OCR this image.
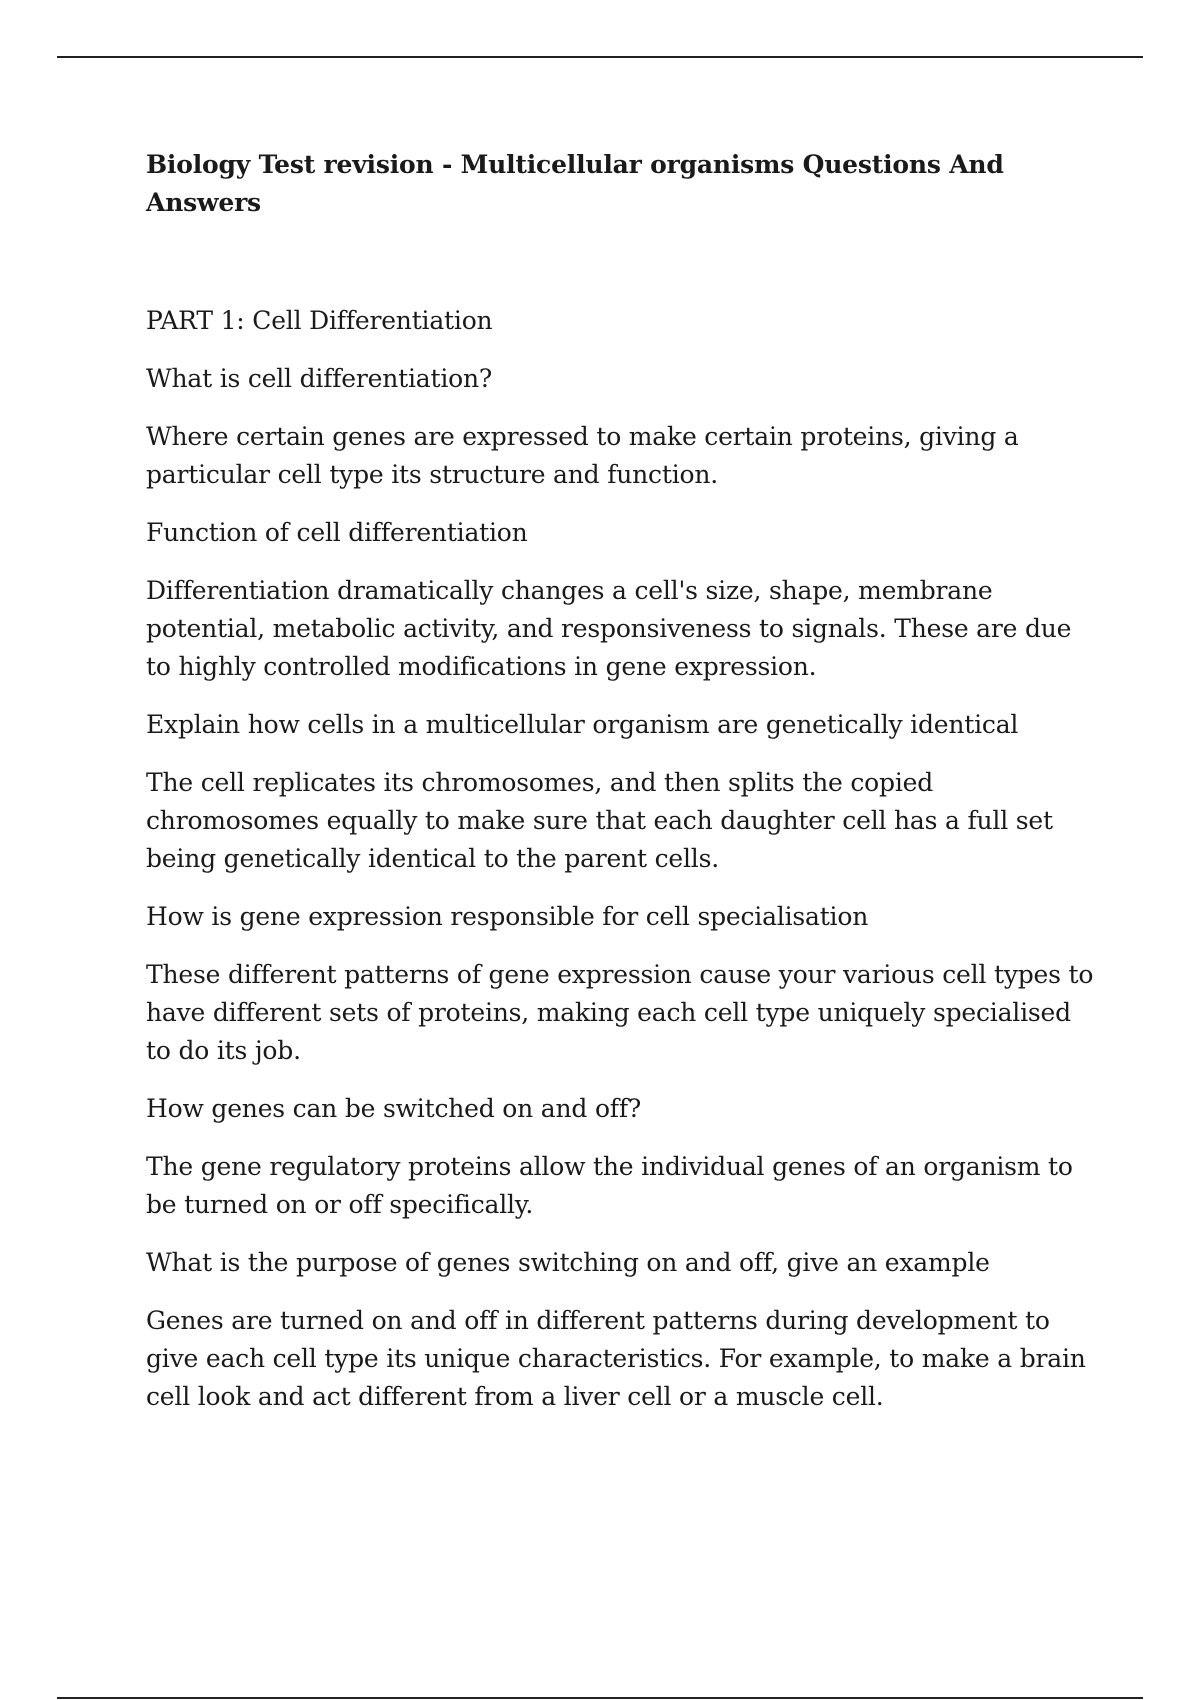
Biology Test revision - Multicellular organisms Questions And Answers

PART 1: Cell Differentiation

What is cell differentiation?

Where certain genes are expressed to make certain proteins, giving a particular cell type its structure and function.

Function of cell differentiation

Differentiation dramatically changes a cell's size, shape, membrane potential, metabolic activity, and responsiveness to signals. These are due to highly controlled modifications in gene expression.

Explain how cells in a multicellular organism are genetically identical

The cell replicates its chromosomes, and then splits the copied chromosomes equally to make sure that each daughter cell has a full set being genetically identical to the parent cells.

How is gene expression responsible for cell specialisation

These different patterns of gene expression cause your various cell types to have different sets of proteins, making each cell type uniquely specialised to do its job.

How genes can be switched on and off?

The gene regulatory proteins allow the individual genes of an organism to be turned on or off specifically.

What is the purpose of genes switching on and off, give an example

Genes are turned on and off in different patterns during development to give each cell type its unique characteristics. For example, to make a brain cell look and act different from a liver cell or a muscle cell.
